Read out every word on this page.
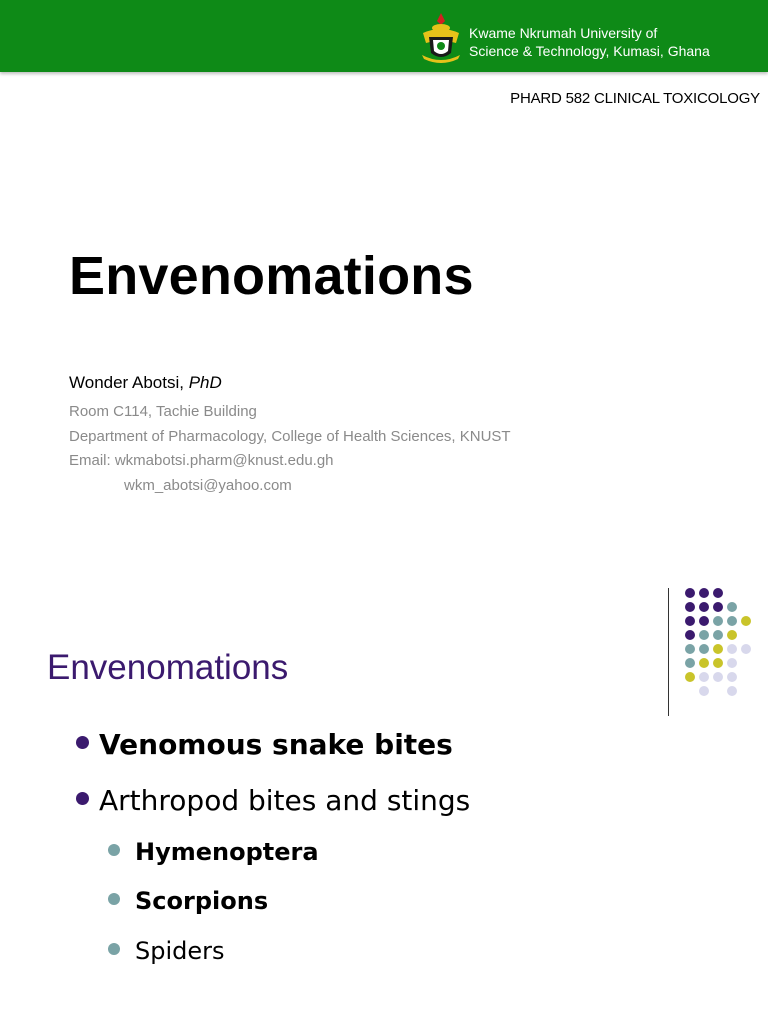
Kwame Nkrumah University of
Science & Technology, Kumasi, Ghana
PHARD 582 CLINICAL TOXICOLOGY
Envenomations
Wonder Abotsi, PhD
Room C114, Tachie Building
Department of Pharmacology, College of Health Sciences, KNUST
Email: wkmabotsi.pharm@knust.edu.gh
wkm_abotsi@yahoo.com
Envenomations
Venomous snake bites
Arthropod bites and stings
Hymenoptera
Scorpions
Spiders
